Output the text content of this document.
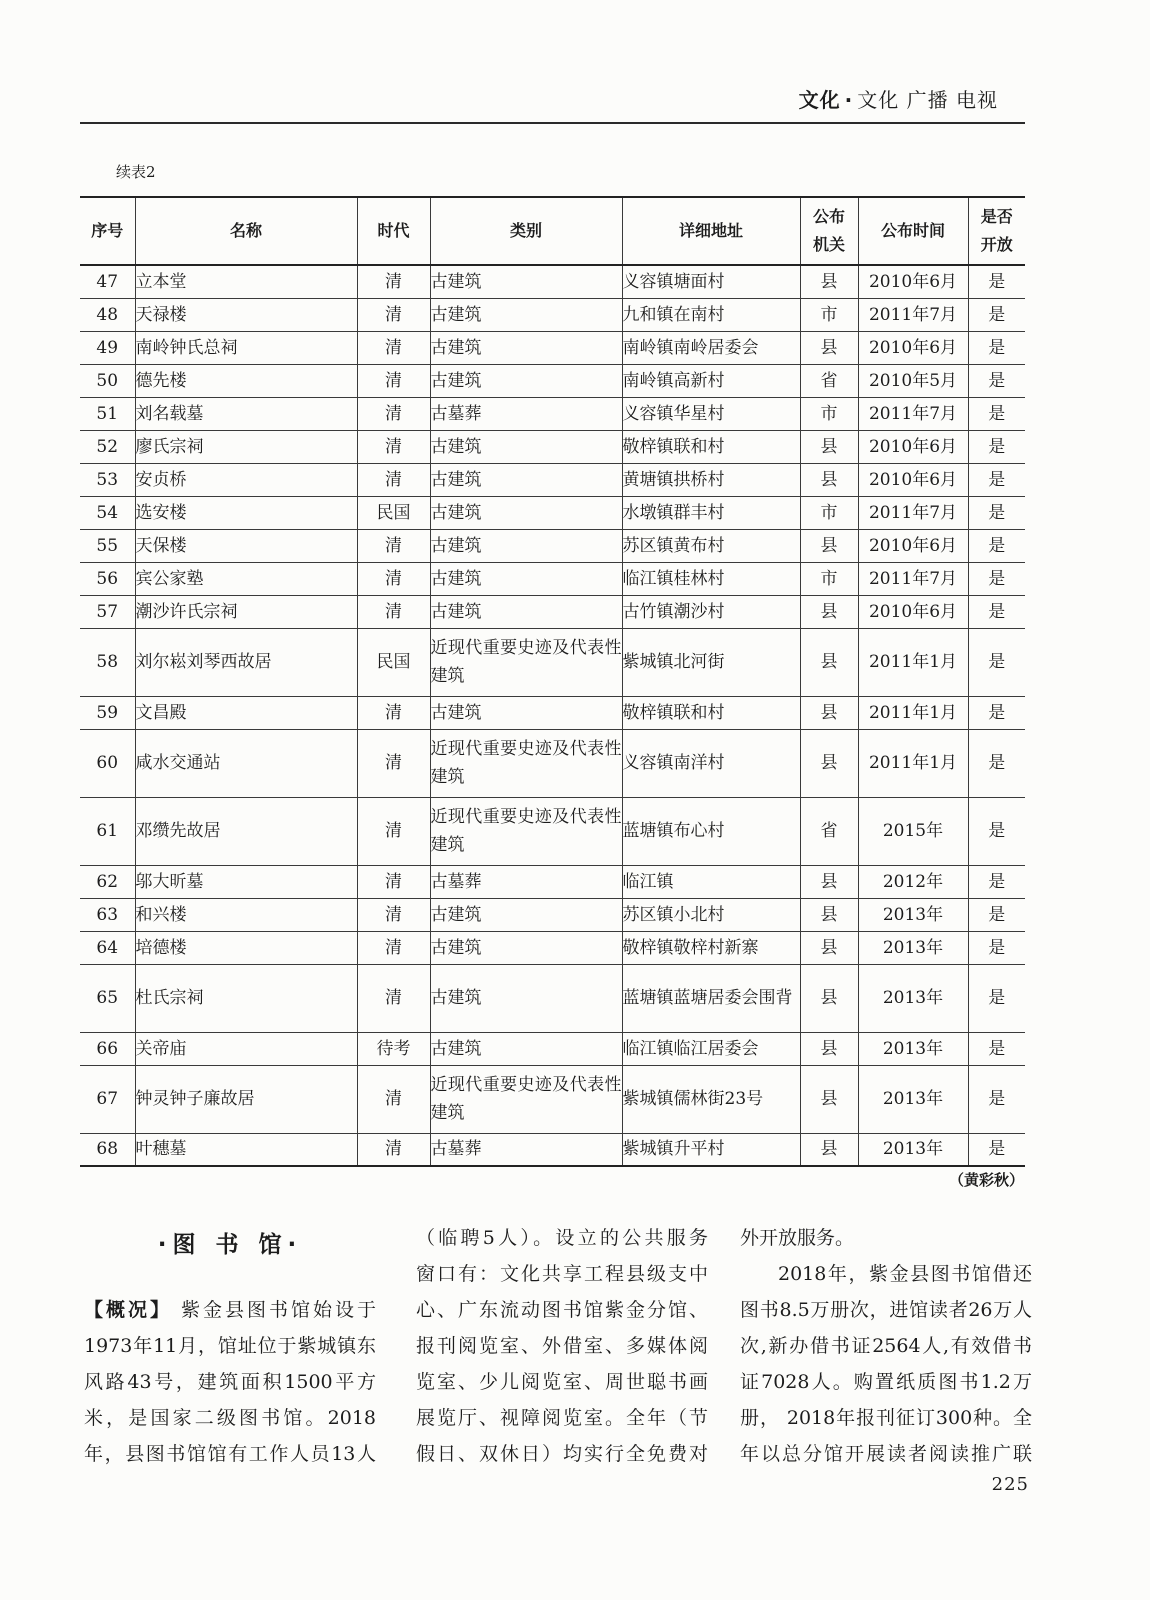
文化 · 文化 广播 电视
续表2
序号	名称	时代	类别	详细地址	公布机关	公布时间	是否开放
47	立本堂	清	古建筑	义容镇塘面村	县	2010年6月	是
48	天禄楼	清	古建筑	九和镇在南村	市	2011年7月	是
49	南岭钟氏总祠	清	古建筑	南岭镇南岭居委会	县	2010年6月	是
50	德先楼	清	古建筑	南岭镇高新村	省	2010年5月	是
51	刘名载墓	清	古墓葬	义容镇华星村	市	2011年7月	是
52	廖氏宗祠	清	古建筑	敬梓镇联和村	县	2010年6月	是
53	安贞桥	清	古建筑	黄塘镇拱桥村	县	2010年6月	是
54	选安楼	民国	古建筑	水墩镇群丰村	市	2011年7月	是
55	天保楼	清	古建筑	苏区镇黄布村	县	2010年6月	是
56	宾公家塾	清	古建筑	临江镇桂林村	市	2011年7月	是
57	潮沙许氏宗祠	清	古建筑	古竹镇潮沙村	县	2010年6月	是
58	刘尔崧刘琴西故居	民国	近现代重要史迹及代表性建筑	紫城镇北河街	县	2011年1月	是
59	文昌殿	清	古建筑	敬梓镇联和村	县	2011年1月	是
60	咸水交通站	清	近现代重要史迹及代表性建筑	义容镇南洋村	县	2011年1月	是
61	邓缵先故居	清	近现代重要史迹及代表性建筑	蓝塘镇布心村	省	2015年	是
62	邬大昕墓	清	古墓葬	临江镇	县	2012年	是
63	和兴楼	清	古建筑	苏区镇小北村	县	2013年	是
64	培德楼	清	古建筑	敬梓镇敬梓村新寨	县	2013年	是
65	杜氏宗祠	清	古建筑	蓝塘镇蓝塘居委会围背	县	2013年	是
66	关帝庙	待考	古建筑	临江镇临江居委会	县	2013年	是
67	钟灵钟子廉故居	清	近现代重要史迹及代表性建筑	紫城镇儒林街23号	县	2013年	是
68	叶穗墓	清	古墓葬	紫城镇升平村	县	2013年	是
（黄彩秋）
·图 书 馆·
【概况】 紫金县图书馆始设于
1973年11月，馆址位于紫城镇东
风路43号，建筑面积1500平方
米，是国家二级图书馆。2018
年，县图书馆馆有工作人员13人
（临聘5人）。设立的公共服务
窗口有：文化共享工程县级支中
心、广东流动图书馆紫金分馆、
报刊阅览室、外借室、多媒体阅
览室、少儿阅览室、周世聪书画
展览厅、视障阅览室。全年（节
假日、双休日）均实行全免费对
外开放服务。
2018年，紫金县图书馆借还
图书8.5万册次，进馆读者26万人
次,新办借书证2564人,有效借书
证7028人。购置纸质图书1.2万
册， 2018年报刊征订300种。全
年以总分馆开展读者阅读推广联
225
